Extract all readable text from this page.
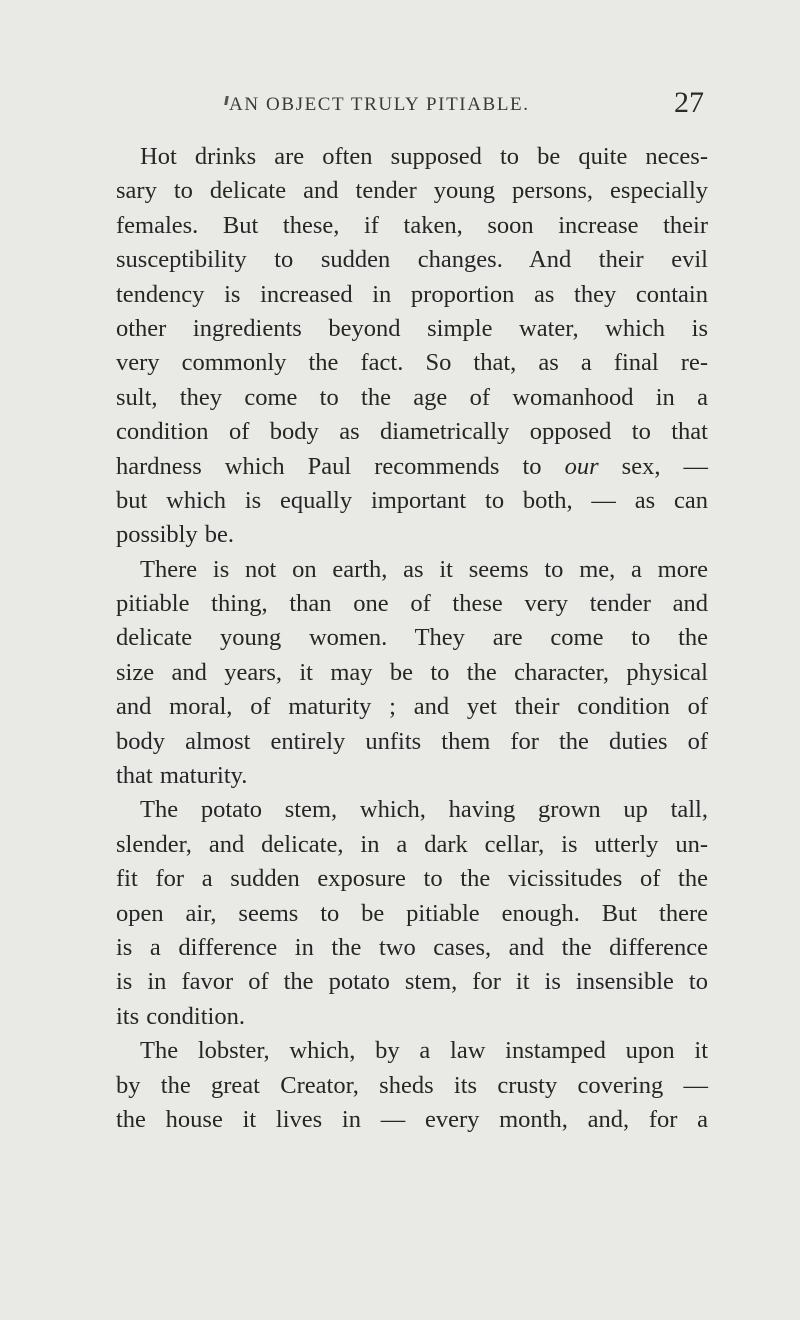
AN OBJECT TRULY PITIABLE.	27
Hot drinks are often supposed to be quite neces-
sary to delicate and tender young persons, especially
females. But these, if taken, soon increase their
susceptibility to sudden changes. And their evil
tendency is increased in proportion as they contain
other ingredients beyond simple water, which is
very commonly the fact. So that, as a final re-
sult, they come to the age of womanhood in a
condition of body as diametrically opposed to that
hardness which Paul recommends to our sex, —
but which is equally important to both, — as can
possibly be.
There is not on earth, as it seems to me, a more
pitiable thing, than one of these very tender and
delicate young women. They are come to the
size and years, it may be to the character, physical
and moral, of maturity ; and yet their condition of
body almost entirely unfits them for the duties of
that maturity.
The potato stem, which, having grown up tall,
slender, and delicate, in a dark cellar, is utterly un-
fit for a sudden exposure to the vicissitudes of the
open air, seems to be pitiable enough. But there
is a difference in the two cases, and the difference
is in favor of the potato stem, for it is insensible to
its condition.
The lobster, which, by a law instamped upon it
by the great Creator, sheds its crusty covering —
the house it lives in — every month, and, for a
